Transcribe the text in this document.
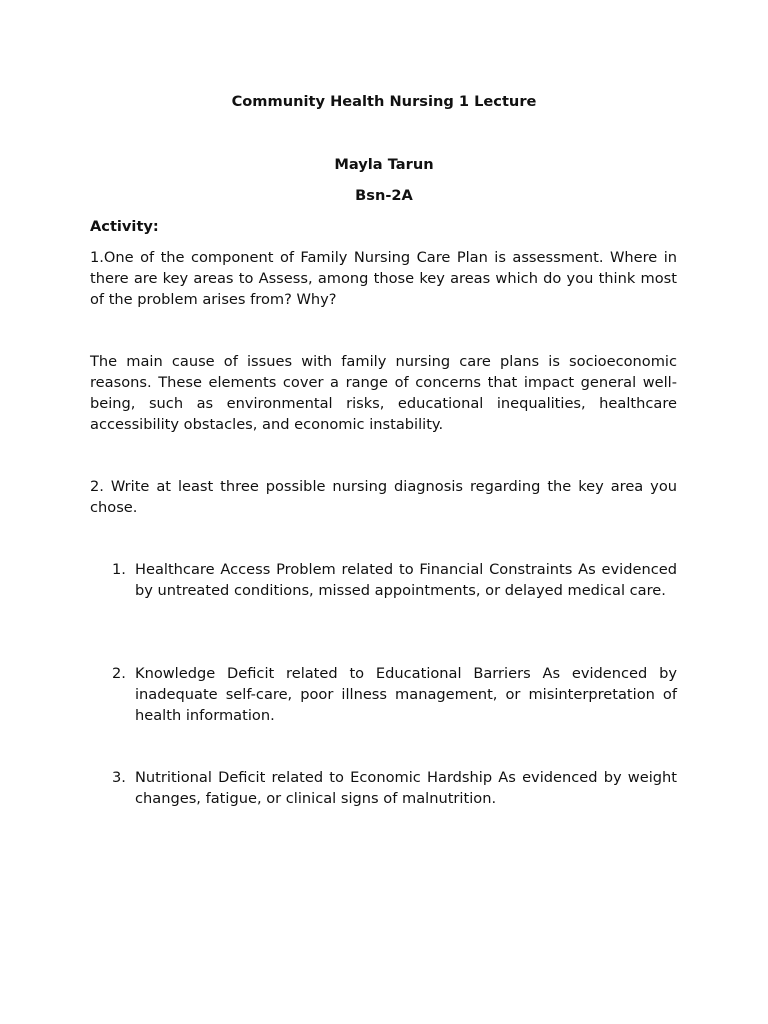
Community Health Nursing 1 Lecture

Mayla Tarun

Bsn-2A

Activity:

1.One of the component of Family Nursing Care Plan is assessment. Where in there are key areas to Assess, among those key areas which do you think most of the problem arises from? Why?

The main cause of issues with family nursing care plans is socioeconomic reasons. These elements cover a range of concerns that impact general well-being, such as environmental risks, educational inequalities, healthcare accessibility obstacles, and economic instability.

2. Write at least three possible nursing diagnosis regarding the key area you chose.

1. Healthcare Access Problem related to Financial Constraints As evidenced by untreated conditions, missed appointments, or delayed medical care.
2. Knowledge Deficit related to Educational Barriers As evidenced by inadequate self-care, poor illness management, or misinterpretation of health information.
3. Nutritional Deficit related to Economic Hardship As evidenced by weight changes, fatigue, or clinical signs of malnutrition.
